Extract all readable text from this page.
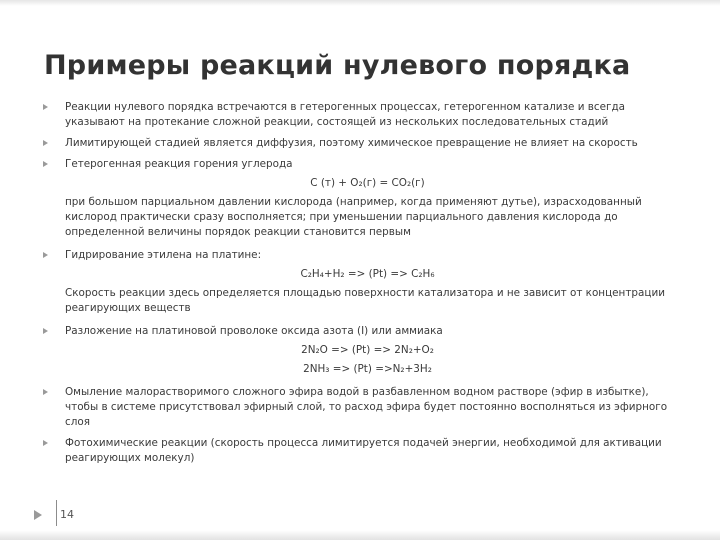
Примеры реакций нулевого порядка
Реакции нулевого порядка встречаются в гетерогенных процессах, гетерогенном катализе и всегда указывают на протекание сложной реакции, состоящей из нескольких последовательных стадий
Лимитирующей стадией является диффузия, поэтому химическое превращение не влияет на скорость
Гетерогенная реакция горения углерода
C (т) + O₂(г) = CO₂(г)
при большом парциальном давлении кислорода (например, когда применяют дутье), израсходованный кислород практически сразу восполняется; при уменьшении парциального давления кислорода до определенной величины порядок реакции становится первым
Гидрирование этилена на платине:
C₂H₄+H₂ => (Pt) => C₂H₆
Скорость реакции здесь определяется площадью поверхности катализатора и не зависит от концентрации реагирующих веществ
Разложение на платиновой проволоке оксида азота (I) или аммиака
2N₂O => (Pt) => 2N₂+O₂
2NH₃ => (Pt) =>N₂+3H₂
Омыление малорастворимого сложного эфира водой в разбавленном водном растворе (эфир в избытке), чтобы в системе присутствовал эфирный слой, то расход эфира будет постоянно восполняться из эфирного слоя
Фотохимические реакции (скорость процесса лимитируется подачей энергии, необходимой для активации реагирующих молекул)
14
